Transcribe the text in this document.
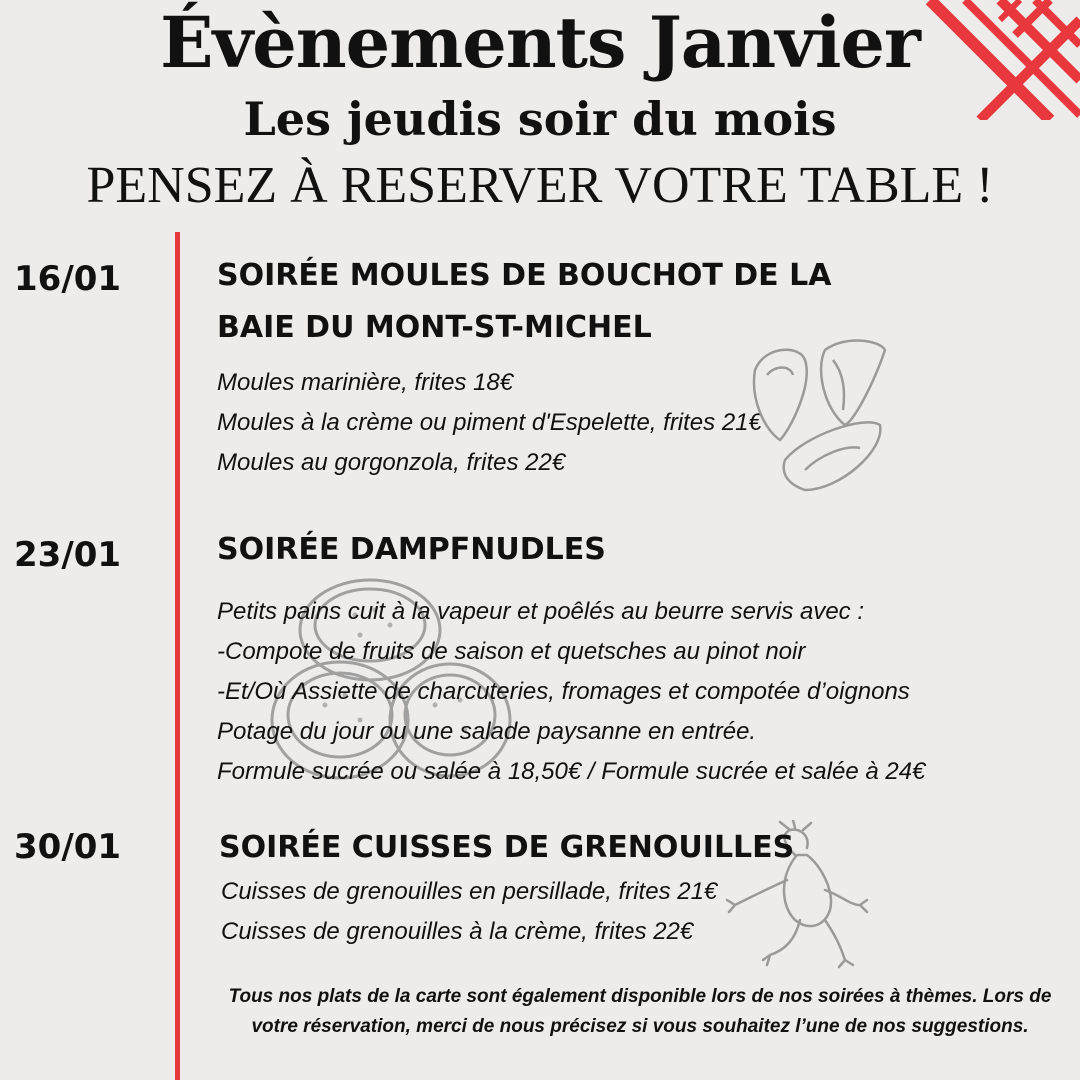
Évènements Janvier
Les jeudis soir du mois
PENSEZ À RESERVER VOTRE TABLE !
16/01	SOIRÉE MOULES DE BOUCHOT DE LA BAIE DU MONT-ST-MICHEL
Moules marinière, frites 18€
Moules à la crème ou piment d'Espelette, frites 21€
Moules au gorgonzola, frites 22€
23/01	SOIRÉE DAMPFNUDLES
Petits pains cuit à la vapeur et poêlés au beurre servis avec :
-Compote de fruits de saison et quetsches au pinot noir
-Et/Où Assiette de charcuteries, fromages et compotée d’oignons
Potage du jour ou une salade paysanne en entrée.
Formule sucrée ou salée à 18,50€ / Formule sucrée et salée à 24€
30/01	SOIRÉE CUISSES DE GRENOUILLES
Cuisses de grenouilles en persillade, frites 21€
Cuisses de grenouilles à la crème, frites 22€
Tous nos plats de la carte sont également disponible lors de nos soirées à thèmes. Lors de votre réservation, merci de nous précisez si vous souhaitez l’une de nos suggestions.
